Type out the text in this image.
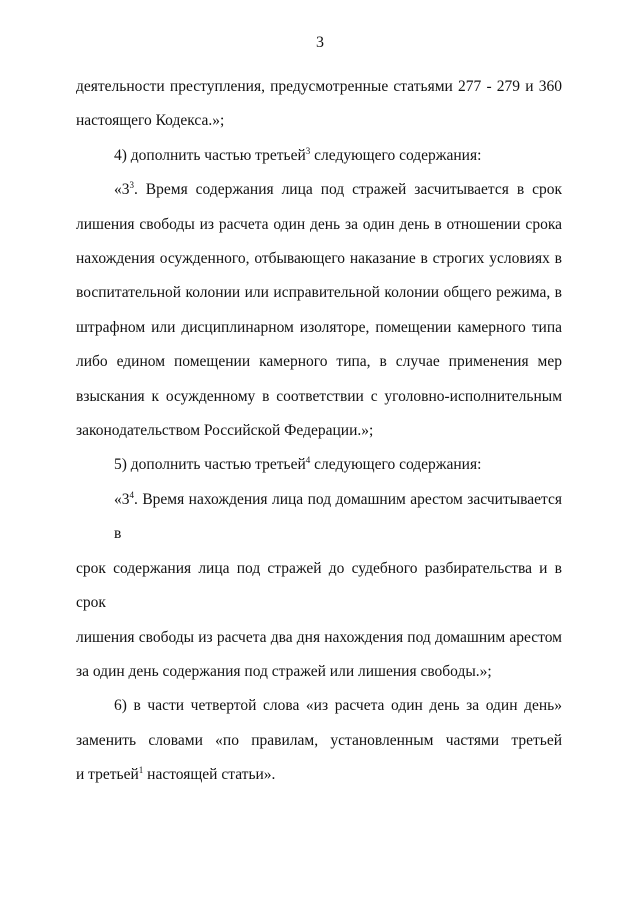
3

деятельности преступления, предусмотренные статьями 277 - 279 и 360

настоящего Кодекса.»;

4) дополнить частью третьей$^3$ следующего содержания:

«$3^3$. Время содержания лица под стражей засчитывается в срок

лишения свободы из расчета один день за один день в отношении срока

нахождения осужденного, отбывающего наказание в строгих условиях в

воспитательной колонии или исправительной колонии общего режима, в

штрафном или дисциплинарном изоляторе, помещении камерного типа

либо едином помещении камерного типа, в случае применения мер

взыскания к осужденному в соответствии с уголовно-исполнительным

законодательством Российской Федерации.»;

5) дополнить частью третьей$^4$ следующего содержания:

«$3^4$. Время нахождения лица под домашним арестом засчитывается в

срок содержания лица под стражей до судебного разбирательства и в срок

лишения свободы из расчета два дня нахождения под домашним арестом

за один день содержания под стражей или лишения свободы.»;

6) в части четвертой слова «из расчета один день за один день»

заменить словами «по правилам, установленным частями третьей

и третьей$^1$ настоящей статьи».
